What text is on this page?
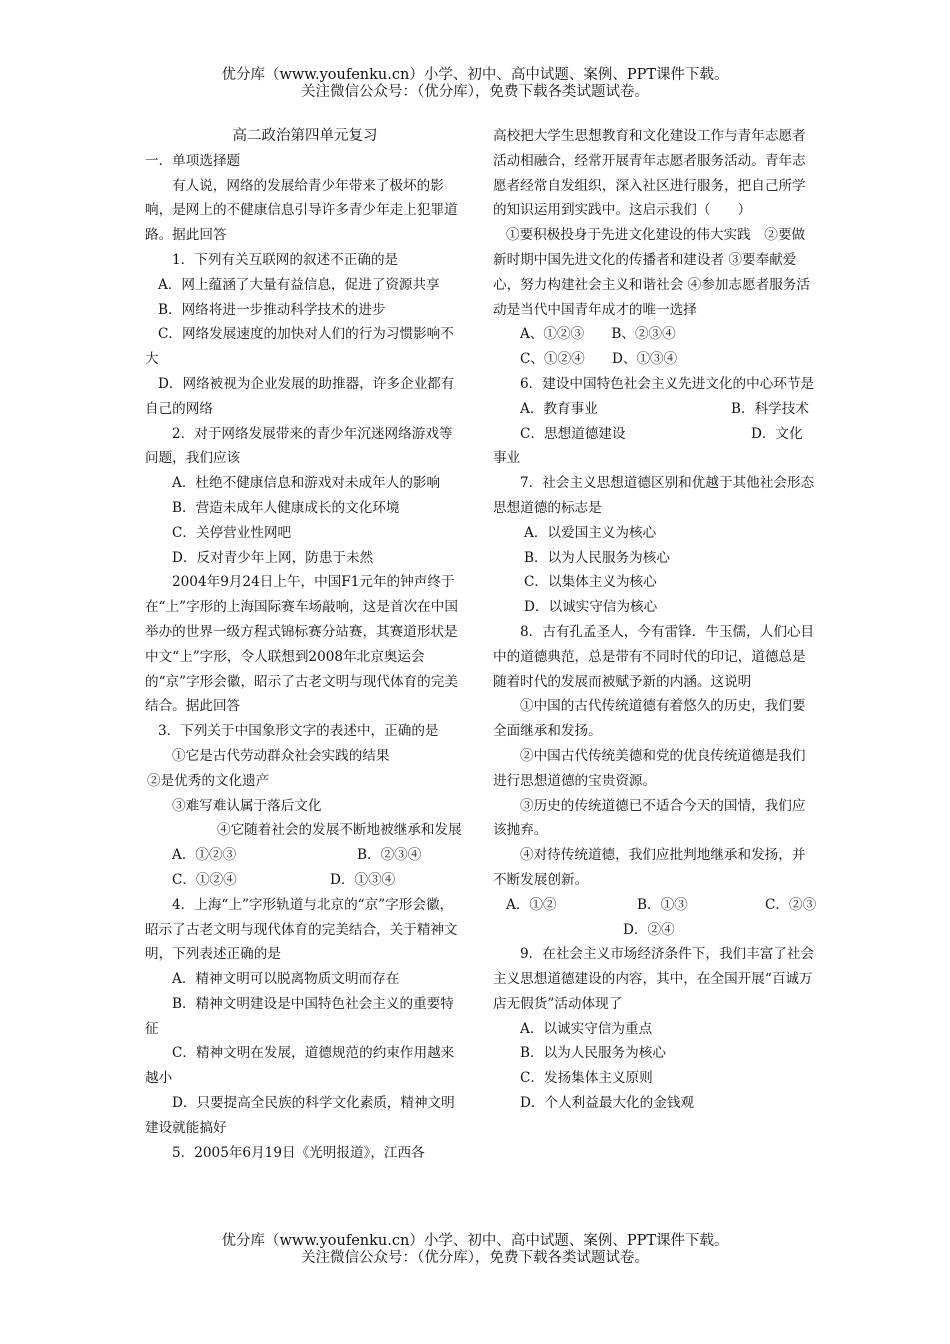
优分库（www.youfenku.cn）小学、初中、高中试题、案例、PPT课件下载。
关注微信公众号：（优分库），免费下载各类试题试卷。

高二政治第四单元复习

一．单项选择题

有人说，网络的发展给青少年带来了极坏的影响，是网上的不健康信息引导许多青少年走上犯罪道路。据此回答

1．下列有关互联网的叙述不正确的是

A．网上蕴涵了大量有益信息，促进了资源共享

B．网络将进一步推动科学技术的进步

C．网络发展速度的加快对人们的行为习惯影响不大

D．网络被视为企业发展的助推器，许多企业都有自己的网络

2．对于网络发展带来的青少年沉迷网络游戏等问题，我们应该

A．杜绝不健康信息和游戏对未成年人的影响

B．营造未成年人健康成长的文化环境

C．关停营业性网吧

D．反对青少年上网，防患于未然

2004年9月24日上午，中国F1元年的钟声终于在“上”字形的上海国际赛车场敲响，这是首次在中国举办的世界一级方程式锦标赛分站赛，其赛道形状是中文“上”字形，令人联想到2008年北京奥运会的“京”字形会徽，昭示了古老文明与现代体育的完美结合。据此回答

3．下列关于中国象形文字的表述中，正确的是

①它是古代劳动群众社会实践的结果

②是优秀的文化遗产

③难写难认属于落后文化

④它随着社会的发展不断地被继承和发展

A．①②③	B．②③④

C．①②④	D．①③④

4．上海“上”字形轨道与北京的“京”字形会徽，昭示了古老文明与现代体育的完美结合，关于精神文明，下列表述正确的是

A．精神文明可以脱离物质文明而存在

B．精神文明建设是中国特色社会主义的重要特征

C．精神文明在发展，道德规范的约束作用越来越小

D．只要提高全民族的科学文化素质，精神文明建设就能搞好

5．2005年6月19日《光明报道》，江西各

高校把大学生思想教育和文化建设工作与青年志愿者活动相融合，经常开展青年志愿者服务活动。青年志愿者经常自发组织，深入社区进行服务，把自己所学的知识运用到实践中。这启示我们（　　）

①要积极投身于先进文化建设的伟大实践　②要做新时期中国先进文化的传播者和建设者 ③要奉献爱心，努力构建社会主义和谐社会 ④参加志愿者服务活动是当代中国青年成才的唯一选择

A、①②③　　B、②③④

C、①②④　　D、①③④

6．建设中国特色社会主义先进文化的中心环节是

A．教育事业	B．科学技术

C．思想道德建设	D．文化事业

7．社会主义思想道德区别和优越于其他社会形态思想道德的标志是

A．以爱国主义为核心

B．以为人民服务为核心

C．以集体主义为核心

D．以诚实守信为核心

8．古有孔孟圣人，今有雷锋．牛玉儒，人们心目中的道德典范，总是带有不同时代的印记，道德总是随着时代的发展而被赋予新的内涵。这说明

①中国的古代传统道德有着悠久的历史，我们要全面继承和发扬。

②中国古代传统美德和党的优良传统道德是我们进行思想道德的宝贵资源。

③历史的传统道德已不适合今天的国情，我们应该抛弃。

④对待传统道德，我们应批判地继承和发扬，并不断发展创新。

A．①②	B．①③	C．②③

D．②④

9．在社会主义市场经济条件下，我们丰富了社会主义思想道德建设的内容，其中，在全国开展“百诚万店无假货”活动体现了

A．以诚实守信为重点

B．以为人民服务为核心

C．发扬集体主义原则

D．个人利益最大化的金钱观

优分库（www.youfenku.cn）小学、初中、高中试题、案例、PPT课件下载。
关注微信公众号：（优分库），免费下载各类试题试卷。
